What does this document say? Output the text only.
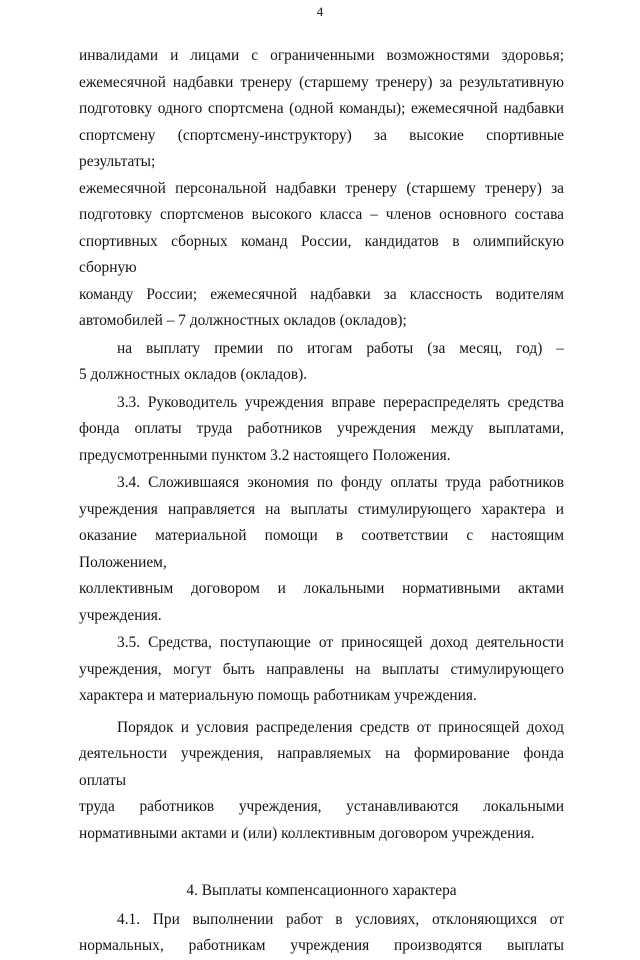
4

инвалидами и лицами с ограниченными возможностями здоровья;

ежемесячной надбавки тренеру (старшему тренеру) за результативную

подготовку одного спортсмена (одной команды); ежемесячной надбавки

спортсмену (спортсмену-инструктору) за высокие спортивные результаты;

ежемесячной персональной надбавки тренеру (старшему тренеру) за

подготовку спортсменов высокого класса – членов основного состава

спортивных сборных команд России, кандидатов в олимпийскую сборную

команду России; ежемесячной надбавки за классность водителям

автомобилей – 7 должностных окладов (окладов);

на выплату премии по итогам работы (за месяц, год) –

5 должностных окладов (окладов).

3.3. Руководитель учреждения вправе перераспределять средства

фонда оплаты труда работников учреждения между выплатами,

предусмотренными пунктом 3.2 настоящего Положения.

3.4. Сложившаяся экономия по фонду оплаты труда работников

учреждения направляется на выплаты стимулирующего характера и

оказание материальной помощи в соответствии с настоящим Положением,

коллективным договором и локальными нормативными актами

учреждения.

3.5. Средства, поступающие от приносящей доход деятельности

учреждения, могут быть направлены на выплаты стимулирующего

характера и материальную помощь работникам учреждения.

Порядок и условия распределения средств от приносящей доход

деятельности учреждения, направляемых на формирование фонда оплаты

труда работников учреждения, устанавливаются локальными

нормативными актами и (или) коллективным договором учреждения.

4. Выплаты компенсационного характера

4.1. При выполнении работ в условиях, отклоняющихся от

нормальных, работникам учреждения производятся выплаты
